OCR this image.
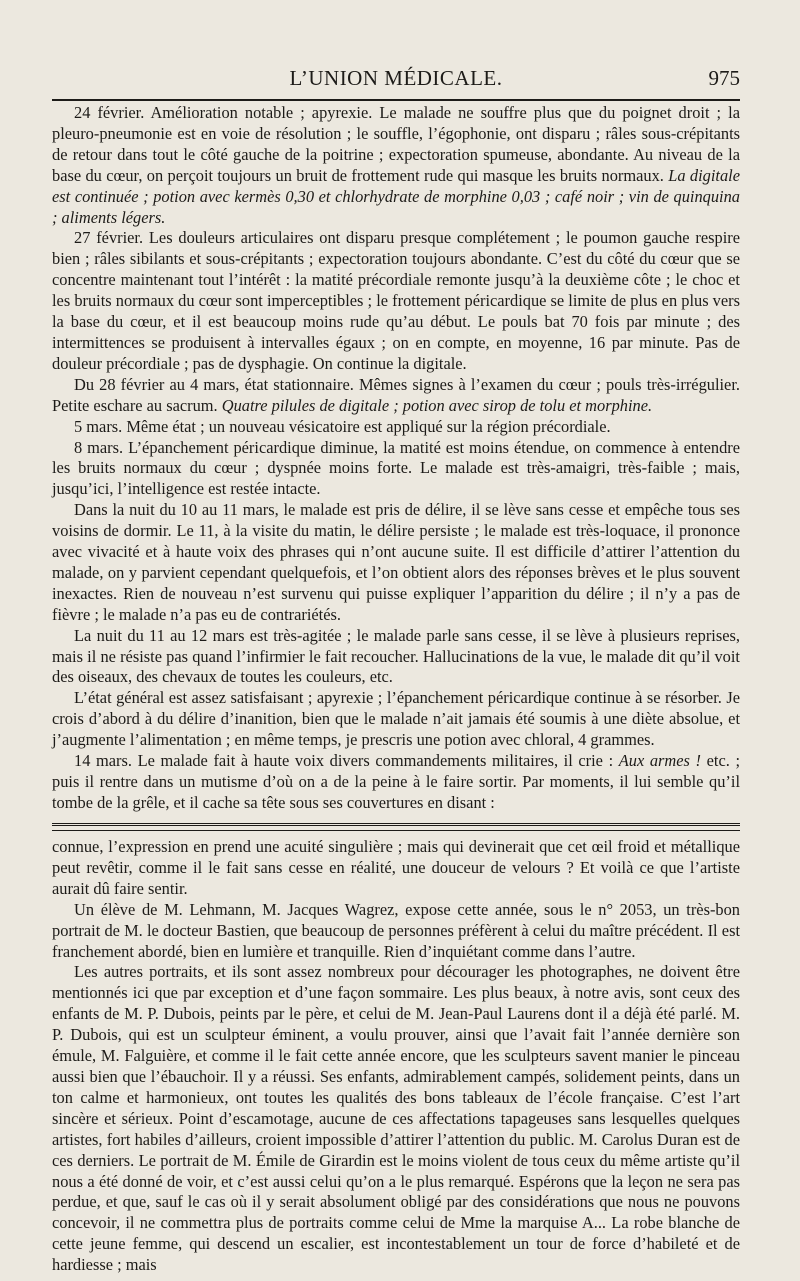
L’UNION MÉDICALE.	975

24 février. Amélioration notable ; apyrexie. Le malade ne souffre plus que du poignet droit ; la pleuro-pneumonie est en voie de résolution ; le souffle, l’égophonie, ont disparu ; râles sous-crépitants de retour dans tout le côté gauche de la poitrine ; expectoration spumeuse, abondante. Au niveau de la base du cœur, on perçoit toujours un bruit de frottement rude qui masque les bruits normaux. La digitale est continuée ; potion avec kermès 0,30 et chlorhydrate de morphine 0,03 ; café noir ; vin de quinquina ; aliments légers.

27 février. Les douleurs articulaires ont disparu presque complétement ; le poumon gauche respire bien ; râles sibilants et sous-crépitants ; expectoration toujours abondante. C’est du côté du cœur que se concentre maintenant tout l’intérêt : la matité précordiale remonte jusqu’à la deuxième côte ; le choc et les bruits normaux du cœur sont imperceptibles ; le frottement péricardique se limite de plus en plus vers la base du cœur, et il est beaucoup moins rude qu’au début. Le pouls bat 70 fois par minute ; des intermittences se produisent à intervalles égaux ; on en compte, en moyenne, 16 par minute. Pas de douleur précordiale ; pas de dysphagie. On continue la digitale.

Du 28 février au 4 mars, état stationnaire. Mêmes signes à l’examen du cœur ; pouls très-irrégulier. Petite eschare au sacrum. Quatre pilules de digitale ; potion avec sirop de tolu et morphine.

5 mars. Même état ; un nouveau vésicatoire est appliqué sur la région précordiale.

8 mars. L’épanchement péricardique diminue, la matité est moins étendue, on commence à entendre les bruits normaux du cœur ; dyspnée moins forte. Le malade est très-amaigri, très-faible ; mais, jusqu’ici, l’intelligence est restée intacte.

Dans la nuit du 10 au 11 mars, le malade est pris de délire, il se lève sans cesse et empêche tous ses voisins de dormir. Le 11, à la visite du matin, le délire persiste ; le malade est très-loquace, il prononce avec vivacité et à haute voix des phrases qui n’ont aucune suite. Il est difficile d’attirer l’attention du malade, on y parvient cependant quelquefois, et l’on obtient alors des réponses brèves et le plus souvent inexactes. Rien de nouveau n’est survenu qui puisse expliquer l’apparition du délire ; il n’y a pas de fièvre ; le malade n’a pas eu de contrariétés.

La nuit du 11 au 12 mars est très-agitée ; le malade parle sans cesse, il se lève à plusieurs reprises, mais il ne résiste pas quand l’infirmier le fait recoucher. Hallucinations de la vue, le malade dit qu’il voit des oiseaux, des chevaux de toutes les couleurs, etc.

L’état général est assez satisfaisant ; apyrexie ; l’épanchement péricardique continue à se résorber. Je crois d’abord à du délire d’inanition, bien que le malade n’ait jamais été soumis à une diète absolue, et j’augmente l’alimentation ; en même temps, je prescris une potion avec chloral, 4 grammes.

14 mars. Le malade fait à haute voix divers commandements militaires, il crie : Aux armes ! etc. ; puis il rentre dans un mutisme d’où on a de la peine à le faire sortir. Par moments, il lui semble qu’il tombe de la grêle, et il cache sa tête sous ses couvertures en disant :

connue, l’expression en prend une acuité singulière ; mais qui devinerait que cet œil froid et métallique peut revêtir, comme il le fait sans cesse en réalité, une douceur de velours ? Et voilà ce que l’artiste aurait dû faire sentir.

Un élève de M. Lehmann, M. Jacques Wagrez, expose cette année, sous le n° 2053, un très-bon portrait de M. le docteur Bastien, que beaucoup de personnes préfèrent à celui du maître précédent. Il est franchement abordé, bien en lumière et tranquille. Rien d’inquiétant comme dans l’autre.

Les autres portraits, et ils sont assez nombreux pour décourager les photographes, ne doivent être mentionnés ici que par exception et d’une façon sommaire. Les plus beaux, à notre avis, sont ceux des enfants de M. P. Dubois, peints par le père, et celui de M. Jean-Paul Laurens dont il a déjà été parlé. M. P. Dubois, qui est un sculpteur éminent, a voulu prouver, ainsi que l’avait fait l’année dernière son émule, M. Falguière, et comme il le fait cette année encore, que les sculpteurs savent manier le pinceau aussi bien que l’ébauchoir. Il y a réussi. Ses enfants, admirablement campés, solidement peints, dans un ton calme et harmonieux, ont toutes les qualités des bons tableaux de l’école française. C’est l’art sincère et sérieux. Point d’escamotage, aucune de ces affectations tapageuses sans lesquelles quelques artistes, fort habiles d’ailleurs, croient impossible d’attirer l’attention du public. M. Carolus Duran est de ces derniers. Le portrait de M. Émile de Girardin est le moins violent de tous ceux du même artiste qu’il nous a été donné de voir, et c’est aussi celui qu’on a le plus remarqué. Espérons que la leçon ne sera pas perdue, et que, sauf le cas où il y serait absolument obligé par des considérations que nous ne pouvons concevoir, il ne commettra plus de portraits comme celui de Mme la marquise A... La robe blanche de cette jeune femme, qui descend un escalier, est incontestablement un tour de force d’habileté et de hardiesse ; mais
